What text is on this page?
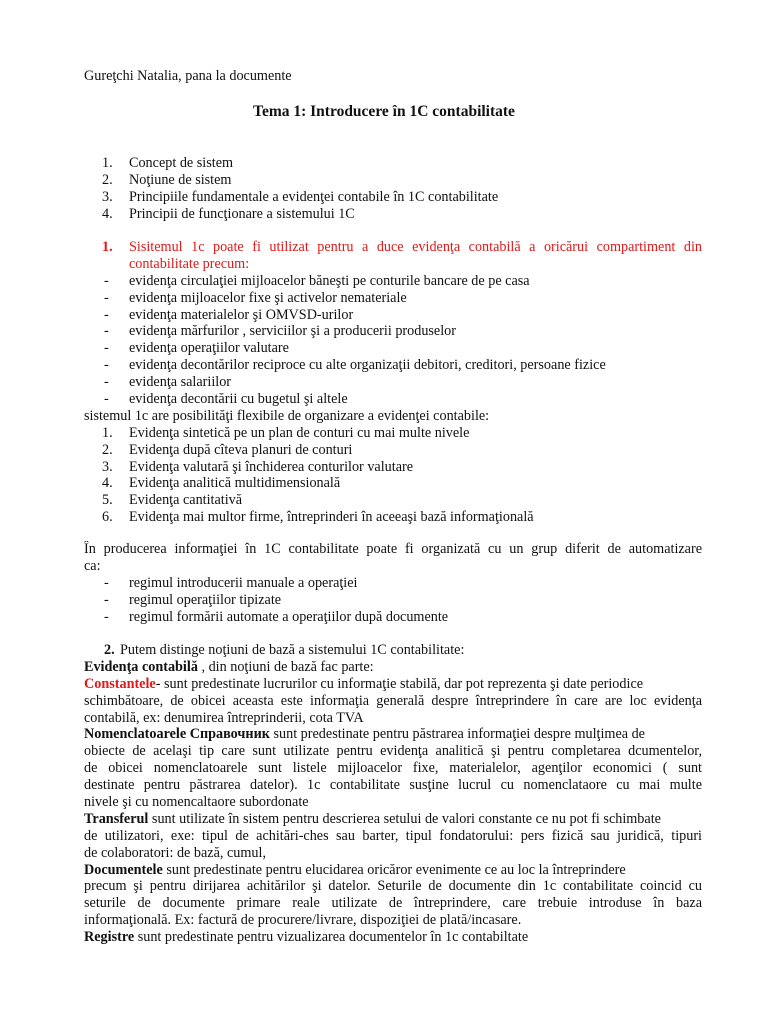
Gureţchi Natalia, pana la documente
Tema 1: Introducere în 1C contabilitate
1. Concept de sistem
2. Noţiune de sistem
3. Principiile fundamentale a evidenţei contabile în 1C contabilitate
4. Principii de funcţionare a sistemului 1C
1. Sisitemul 1c poate fi utilizat pentru a duce evidenţa contabilă a oricărui compartiment din
contabilitate precum:
- evidenţa circulaţiei mijloacelor băneşti pe conturile bancare de pe casa
- evidenţa mijloacelor fixe şi activelor nemateriale
- evidenţa materialelor şi OMVSD-urilor
- evidenţa mărfurilor , serviciilor şi a producerii produselor
- evidenţa operaţiilor valutare
- evidenţa decontărilor reciproce cu alte organizaţii debitori, creditori, persoane fizice
- evidenţa salariilor
- evidenţa decontării cu bugetul şi altele
sistemul 1c are posibilităţi flexibile de organizare a evidenţei contabile:
1. Evidenţa sintetică pe un plan de conturi cu mai multe nivele
2. Evidenţa după cîteva planuri de conturi
3. Evidenţa valutară şi închiderea conturilor valutare
4. Evidenţa analitică multidimensională
5. Evidenţa cantitativă
6. Evidenţa mai multor firme, întreprinderi în aceeaşi bază informaţională
În producerea informaţiei în 1C contabilitate poate fi organizată cu un grup diferit de automatizare
ca:
- regimul introducerii manuale a operaţiei
- regimul operaţiilor tipizate
- regimul formării automate a operaţiilor după documente
2. Putem distinge noţiuni de bază a sistemului 1C contabilitate:
Evidenţa contabilă , din noţiuni de bază fac parte:
Constantele- sunt predestinate lucrurilor cu informaţie stabilă, dar pot reprezenta şi date periodice
schimbătoare, de obicei aceasta este informaţia generală despre întreprindere în care are loc evidenţa
contabilă, ex: denumirea întreprinderii, cota TVA
Nomenclatoarele Справочник sunt predestinate pentru păstrarea informaţiei despre mulţimea de
obiecte de acelaşi tip care sunt utilizate pentru evidenţa analitică şi pentru completarea dcumentelor,
de obicei nomenclatoarele sunt listele mijloacelor fixe, materialelor, agenţilor economici ( sunt
destinate pentru păstrarea datelor). 1c contabilitate susţine lucrul cu nomenclataore cu mai multe
nivele şi cu nomencaltaore subordonate
Transferul sunt utilizate în sistem pentru descrierea setului de valori constante ce nu pot fi schimbate
de utilizatori, exe: tipul de achitări-ches sau barter, tipul fondatorului: pers fizică sau juridică, tipuri
de colaboratori: de bază, cumul,
Documentele sunt predestinate pentru elucidarea oricăror evenimente ce au loc la întreprindere
precum şi pentru dirijarea achitărilor şi datelor. Seturile de documente din 1c contabilitate coincid cu
seturile de documente primare reale utilizate de întreprindere, care trebuie introduse în baza
informaţională. Ex: factură de procurere/livrare, dispoziţiei de plată/incasare.
Registre sunt predestinate pentru vizualizarea documentelor în 1c contabiltate
